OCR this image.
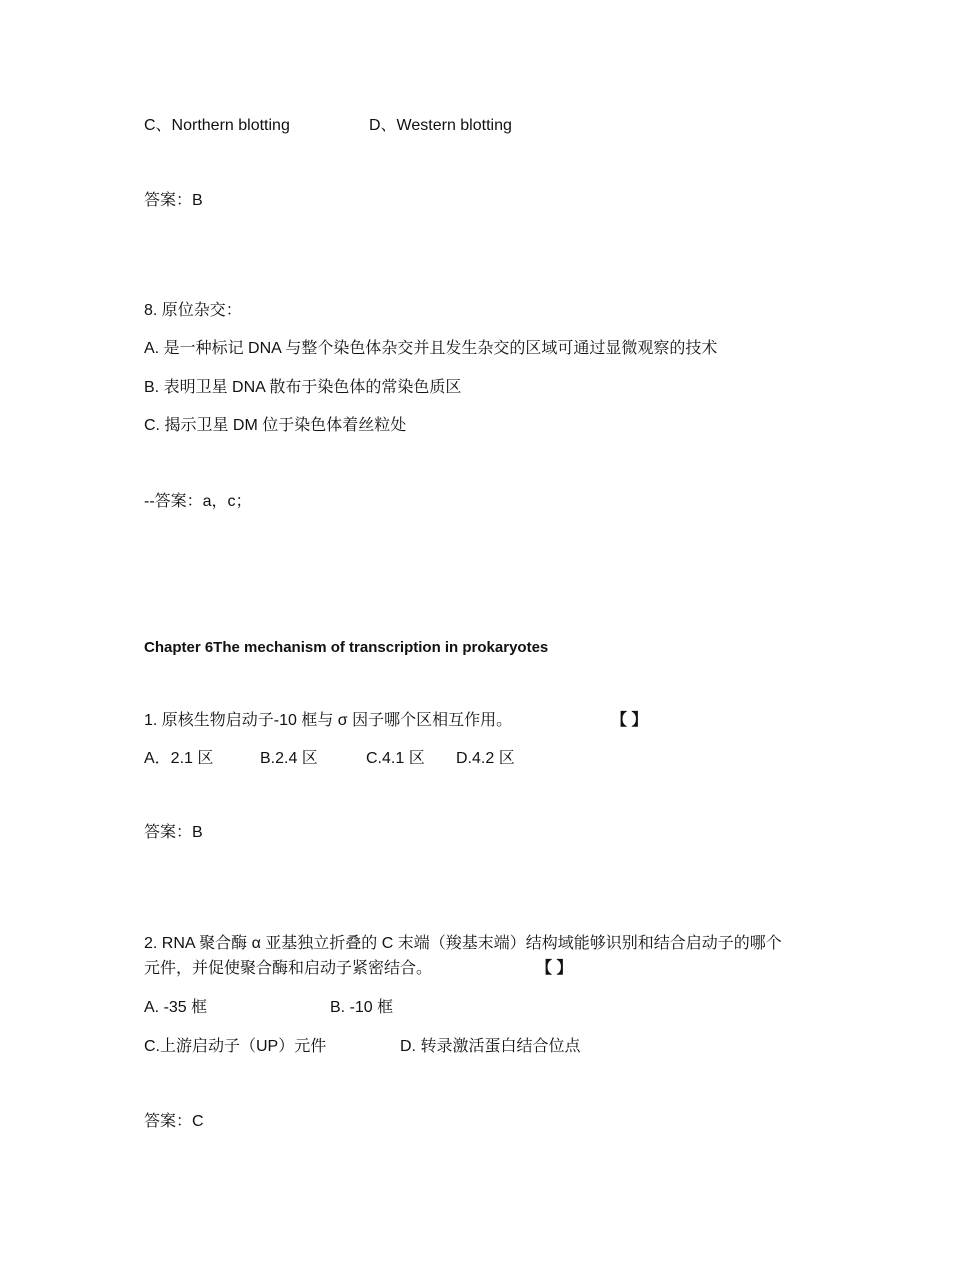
C、Northern blotting	D、Western blotting
答案：B
8. 原位杂交：
A. 是一种标记 DNA 与整个染色体杂交并且发生杂交的区域可通过显微观察的技术
B. 表明卫星 DNA 散布于染色体的常染色质区
C. 揭示卫星 DM 位于染色体着丝粒处
--答案：a，c；
Chapter 6The mechanism of transcription in prokaryotes
1. 原核生物启动子-10 框与 σ 因子哪个区相互作用。	【 】
A．2.1 区	B.2.4 区	C.4.1 区 D.4.2 区
答案：B
2. RNA 聚合酶 α 亚基独立折叠的 C 末端（羧基末端）结构域能够识别和结合启动子的哪个
元件，并促使聚合酶和启动子紧密结合。	【 】
A. -35 框	B. -10 框
C.上游启动子（UP）元件	D. 转录激活蛋白结合位点
答案：C
